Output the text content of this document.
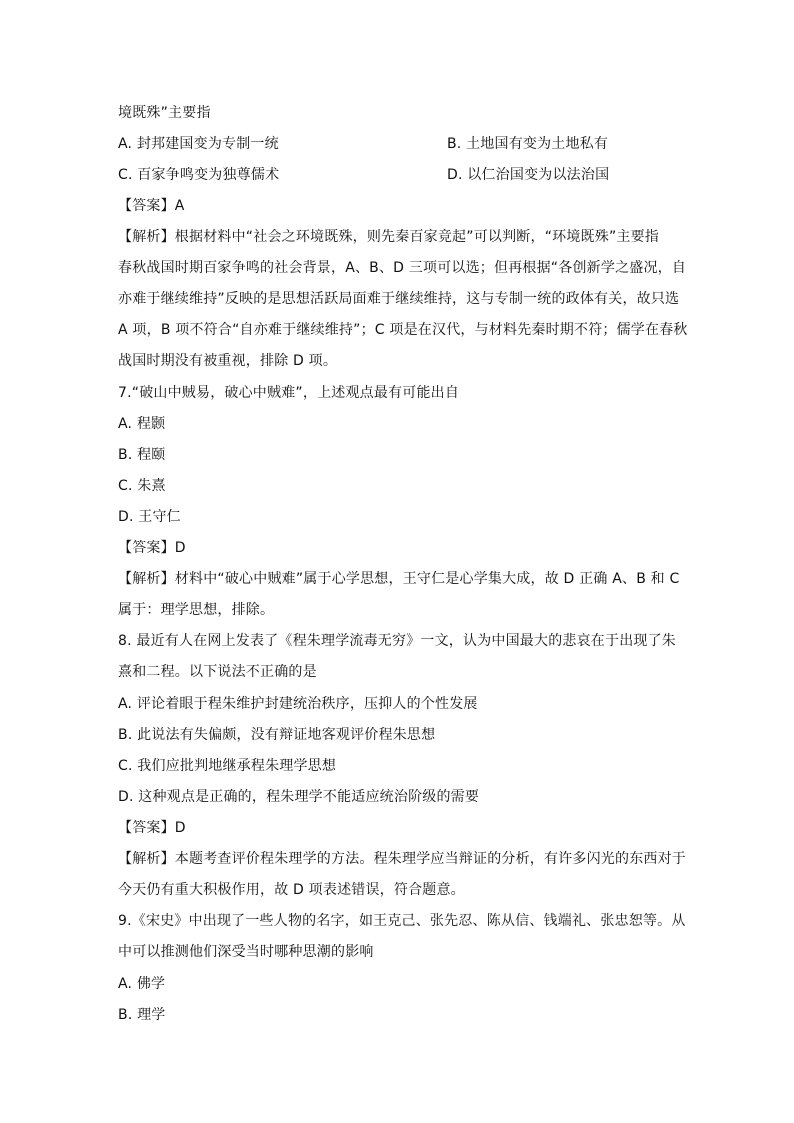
境既殊”主要指
A. 封邦建国变为专制一统	B. 土地国有变为土地私有
C. 百家争鸣变为独尊儒术	D. 以仁治国变为以法治国
【答案】A
【解析】根据材料中“社会之环境既殊，则先秦百家竞起”可以判断，“环境既殊”主要指
春秋战国时期百家争鸣的社会背景，A、B、D 三项可以选；但再根据“各创新学之盛况，自
亦难于继续维持”反映的是思想活跃局面难于继续维持，这与专制一统的政体有关，故只选
A 项，B 项不符合“自亦难于继续维持”；C 项是在汉代，与材料先秦时期不符；儒学在春秋
战国时期没有被重视，排除 D 项。
7.“破山中贼易，破心中贼难”，上述观点最有可能出自
A. 程颢
B. 程颐
C. 朱熹
D. 王守仁
【答案】D
【解析】材料中“破心中贼难”属于心学思想，王守仁是心学集大成，故 D 正确 A、B 和 C
属于：理学思想，排除。
8. 最近有人在网上发表了《程朱理学流毒无穷》一文，认为中国最大的悲哀在于出现了朱
熹和二程。以下说法不正确的是
A. 评论着眼于程朱维护封建统治秩序，压抑人的个性发展
B. 此说法有失偏颇，没有辩证地客观评价程朱思想
C. 我们应批判地继承程朱理学思想
D. 这种观点是正确的，程朱理学不能适应统治阶级的需要
【答案】D
【解析】本题考查评价程朱理学的方法。程朱理学应当辩证的分析，有许多闪光的东西对于
今天仍有重大积极作用，故 D 项表述错误，符合题意。
9.《宋史》中出现了一些人物的名字，如王克己、张先忍、陈从信、钱端礼、张忠恕等。从
中可以推测他们深受当时哪种思潮的影响
A. 佛学
B. 理学
